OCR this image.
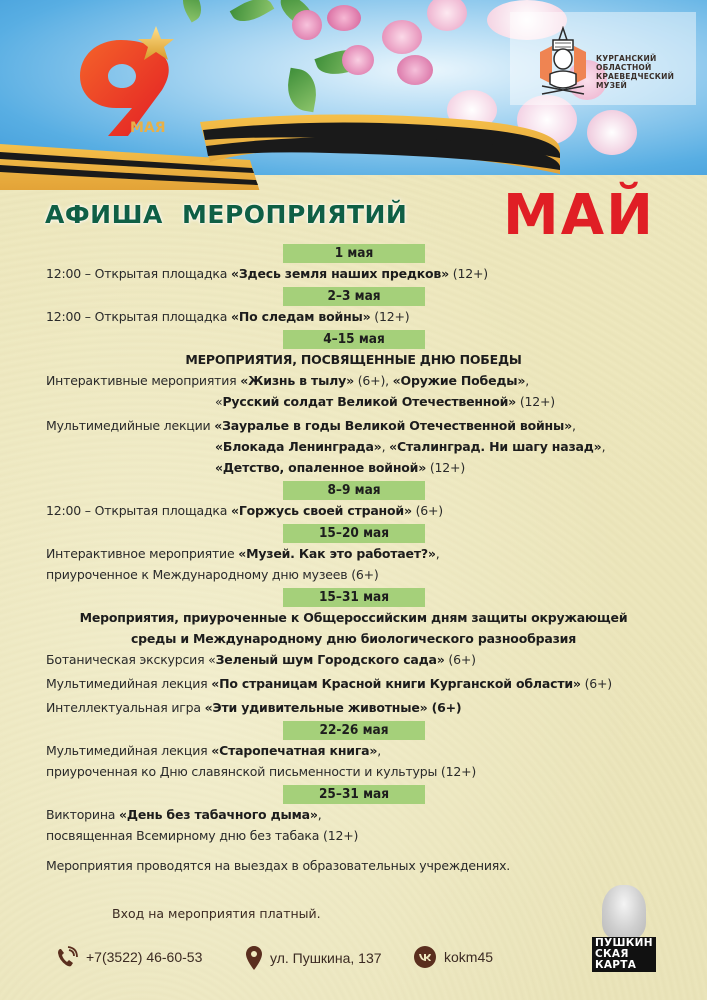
КУРГАНСКИЙ
ОБЛАСТНОЙ
КРАЕВЕДЧЕСКИЙ
МУЗЕЙ
МАЯ
АФИША МЕРОПРИЯТИЙ МАЙ
1 мая
12:00 – Открытая площадка «Здесь земля наших предков» (12+)
2–3 мая
12:00 – Открытая площадка «По следам войны» (12+)
4–15 мая
МЕРОПРИЯТИЯ, ПОСВЯЩЕННЫЕ ДНЮ ПОБЕДЫ
Интерактивные мероприятия «Жизнь в тылу» (6+), «Оружие Победы»,
«Русский солдат Великой Отечественной» (12+)
Мультимедийные лекции «Зауралье в годы Великой Отечественной войны»,
«Блокада Ленинграда», «Сталинград. Ни шагу назад»,
«Детство, опаленное войной» (12+)
8–9 мая
12:00 – Открытая площадка «Горжусь своей страной» (6+)
15–20 мая
Интерактивное мероприятие «Музей. Как это работает?»,
приуроченное к Международному дню музеев (6+)
15–31 мая
Мероприятия, приуроченные к Общероссийским дням защиты окружающей
среды и Международному дню биологического разнообразия
Ботаническая экскурсия «Зеленый шум Городского сада» (6+)
Мультимедийная лекция «По страницам Красной книги Курганской области» (6+)
Интеллектуальная игра «Эти удивительные животные» (6+)
22-26 мая
Мультимедийная лекция «Старопечатная книга»,
приуроченная ко Дню славянской письменности и культуры (12+)
25–31 мая
Викторина «День без табачного дыма»,
посвященная Всемирному дню без табака (12+)
Мероприятия проводятся на выездах в образовательных учреждениях.
Вход на мероприятия платный.
+7(3522) 46-60-53	ул. Пушкина, 137	kokm45
ПУШКИН
СКАЯ
КАРТА
